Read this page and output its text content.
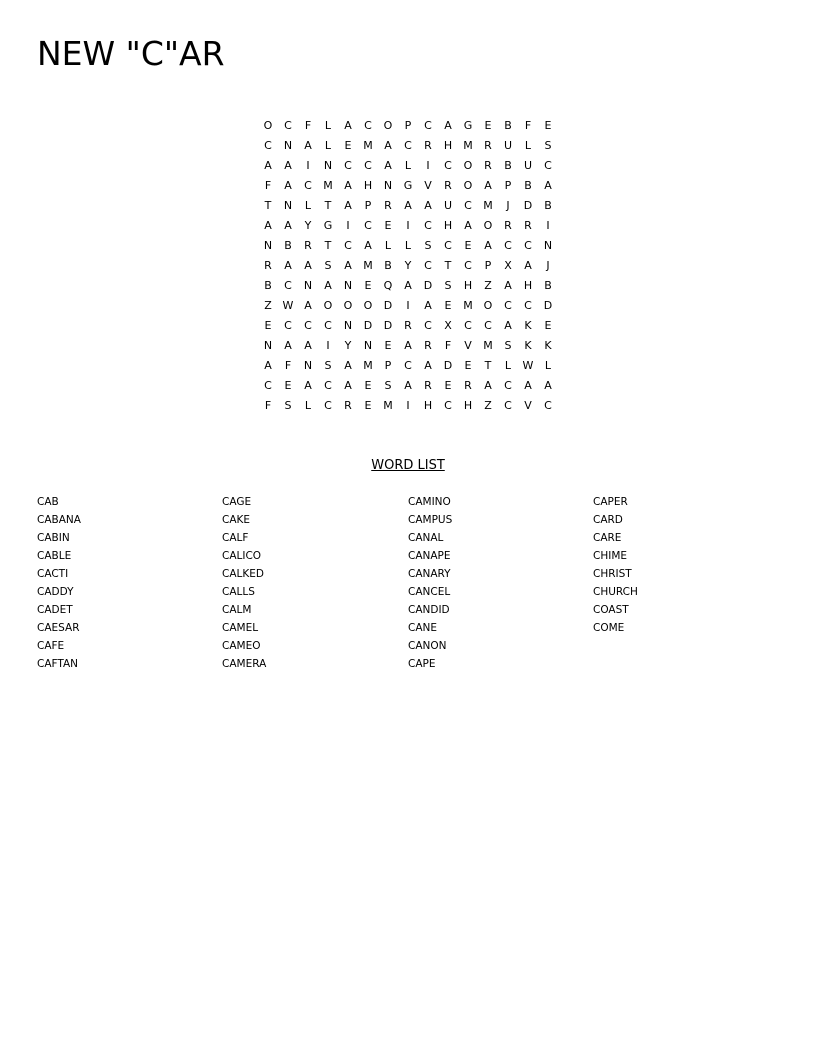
NEW "C"AR
O	C	F	L	A	C	O	P	C	A	G	E	B	F	E
C	N	A	L	E	M	A	C	R	H	M	R	U	L	S
A	A	I	N	C	C	A	L	I	C	O	R	B	U	C
F	A	C	M	A	H	N	G	V	R	O	A	P	B	A
T	N	L	T	A	P	R	A	A	U	C	M	J	D	B
A	A	Y	G	I	C	E	I	C	H	A	O	R	R	I
N	B	R	T	C	A	L	L	S	C	E	A	C	C	N
R	A	A	S	A	M	B	Y	C	T	C	P	X	A	J
B	C	N	A	N	E	Q	A	D	S	H	Z	A	H	B
Z W A	O	O	O	D	I	A	E	M O	C	C	D
E	C	C	C	N	D	D	R	C	X	C	C	A	K	E
N	A	A	I	Y	N	E	A	R	F	V	M	S	K	K
A	F	N	S	A	M	P	C	A	D	E	T	L	W	L
C	E	A	C	A	E	S	A	R	E	R	A	C	A	A
F	S	L	C	R	E	M	I	H	C	H	Z	C	V	C
WORD LIST
CAB
CABANA
CABIN
CABLE
CACTI
CADDY
CADET
CAESAR
CAFE
CAFTAN
CAGE
CAKE
CALF
CALICO
CALKED
CALLS
CALM
CAMEL
CAMEO
CAMERA
CAMINO
CAMPUS
CANAL
CANAPE
CANARY
CANCEL
CANDID
CANE
CANON
CAPE
CAPER
CARD
CARE
CHIME
CHRIST
CHURCH
COAST
COME
